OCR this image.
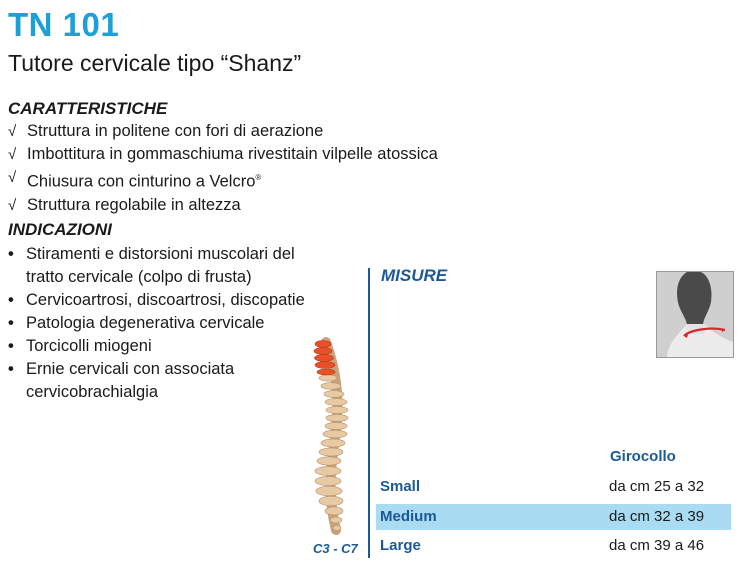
TN 101
Tutore cervicale tipo “Shanz”
CARATTERISTICHE
√ Struttura in politene con fori di aerazione
√ Imbottitura in gommaschiuma rivestitain vilpelle atossica
√ Chiusura con cinturino a Velcro®
√ Struttura regolabile in altezza
INDICAZIONI
• Stiramenti e distorsioni muscolari del tratto cervicale (colpo di frusta)
• Cervicoartrosi, discoartrosi, discopatie
• Patologia degenerativa cervicale
• Torcicolli miogeni
• Ernie cervicali con associata cervicobrachialgia
C3 - C7
MISURE
Girocollo
Small	da cm 25 a 32
Medium	da cm 32 a 39
Large	da cm 39 a 46
